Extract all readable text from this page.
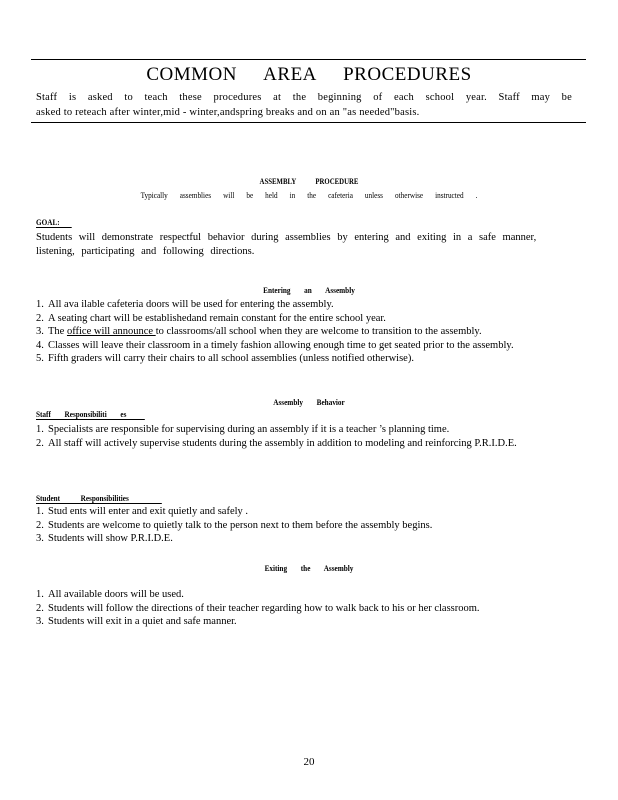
COMMON AREA PROCEDURES
Staff is asked to teach these procedures at the beginning of each school year. Staff may be
asked to reteach after winter,mid - winter,andspring breaks and on an "as needed"basis.
ASSEMBLY PROCEDURE
Typically assemblies will be held in the cafeteria unless otherwise instructed .
GOAL:
Students will demonstrate respectful behavior during assemblies by entering and exiting in a safe manner, listening, participating and following directions.
Entering an Assembly
1. All ava ilable cafeteria doors will be used for entering the assembly.
2. A seating chart will be establishedand remain constant for the entire school year.
3. The office will announce to classrooms/all school when they are welcome to transition to the assembly.
4. Classes will leave their classroom in a timely fashion allowing enough time to get seated prior to the assembly.
5. Fifth graders will carry their chairs to all school assemblies (unless notified otherwise).
Assembly Behavior
Staff Responsibiliti es
1. Specialists are responsible for supervising during an assembly if it is a teacher ’s planning time.
2. All staff will actively supervise students during the assembly in addition to modeling and reinforcing P.R.I.D.E.
Student Responsibilities
1. Stud ents will enter and exit quietly and safely .
2. Students are welcome to quietly talk to the person next to them before the assembly begins.
3. Students will show P.R.I.D.E.
Exiting the Assembly
1. All available doors will be used.
2. Students will follow the directions of their teacher regarding how to walk back to his or her classroom.
3. Students will exit in a quiet and safe manner.
20
